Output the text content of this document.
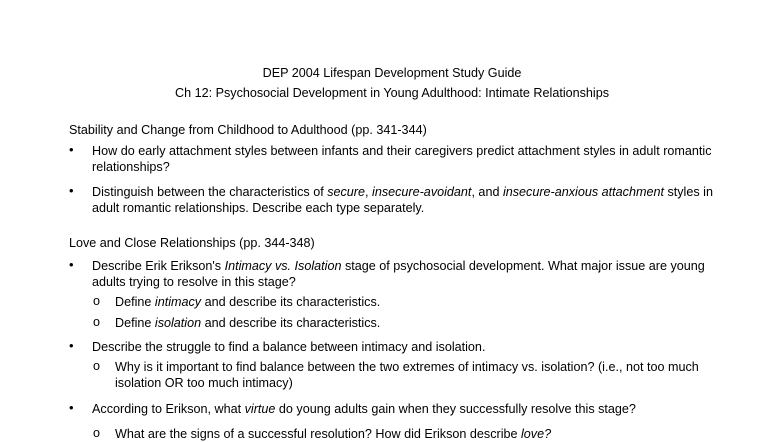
DEP 2004 Lifespan Development Study Guide
Ch 12: Psychosocial Development in Young Adulthood: Intimate Relationships
Stability and Change from Childhood to Adulthood (pp. 341-344)
• How do early attachment styles between infants and their caregivers predict attachment styles in adult romantic relationships?
• Distinguish between the characteristics of secure, insecure-avoidant, and insecure-anxious attachment styles in adult romantic relationships. Describe each type separately.
Love and Close Relationships (pp. 344-348)
• Describe Erik Erikson's Intimacy vs. Isolation stage of psychosocial development. What major issue are young adults trying to resolve in this stage?
o Define intimacy and describe its characteristics.
o Define isolation and describe its characteristics.
• Describe the struggle to find a balance between intimacy and isolation.
o Why is it important to find balance between the two extremes of intimacy vs. isolation? (i.e., not too much isolation OR too much intimacy)
• According to Erikson, what virtue do young adults gain when they successfully resolve this stage?
o What are the signs of a successful resolution? How did Erikson describe love?
